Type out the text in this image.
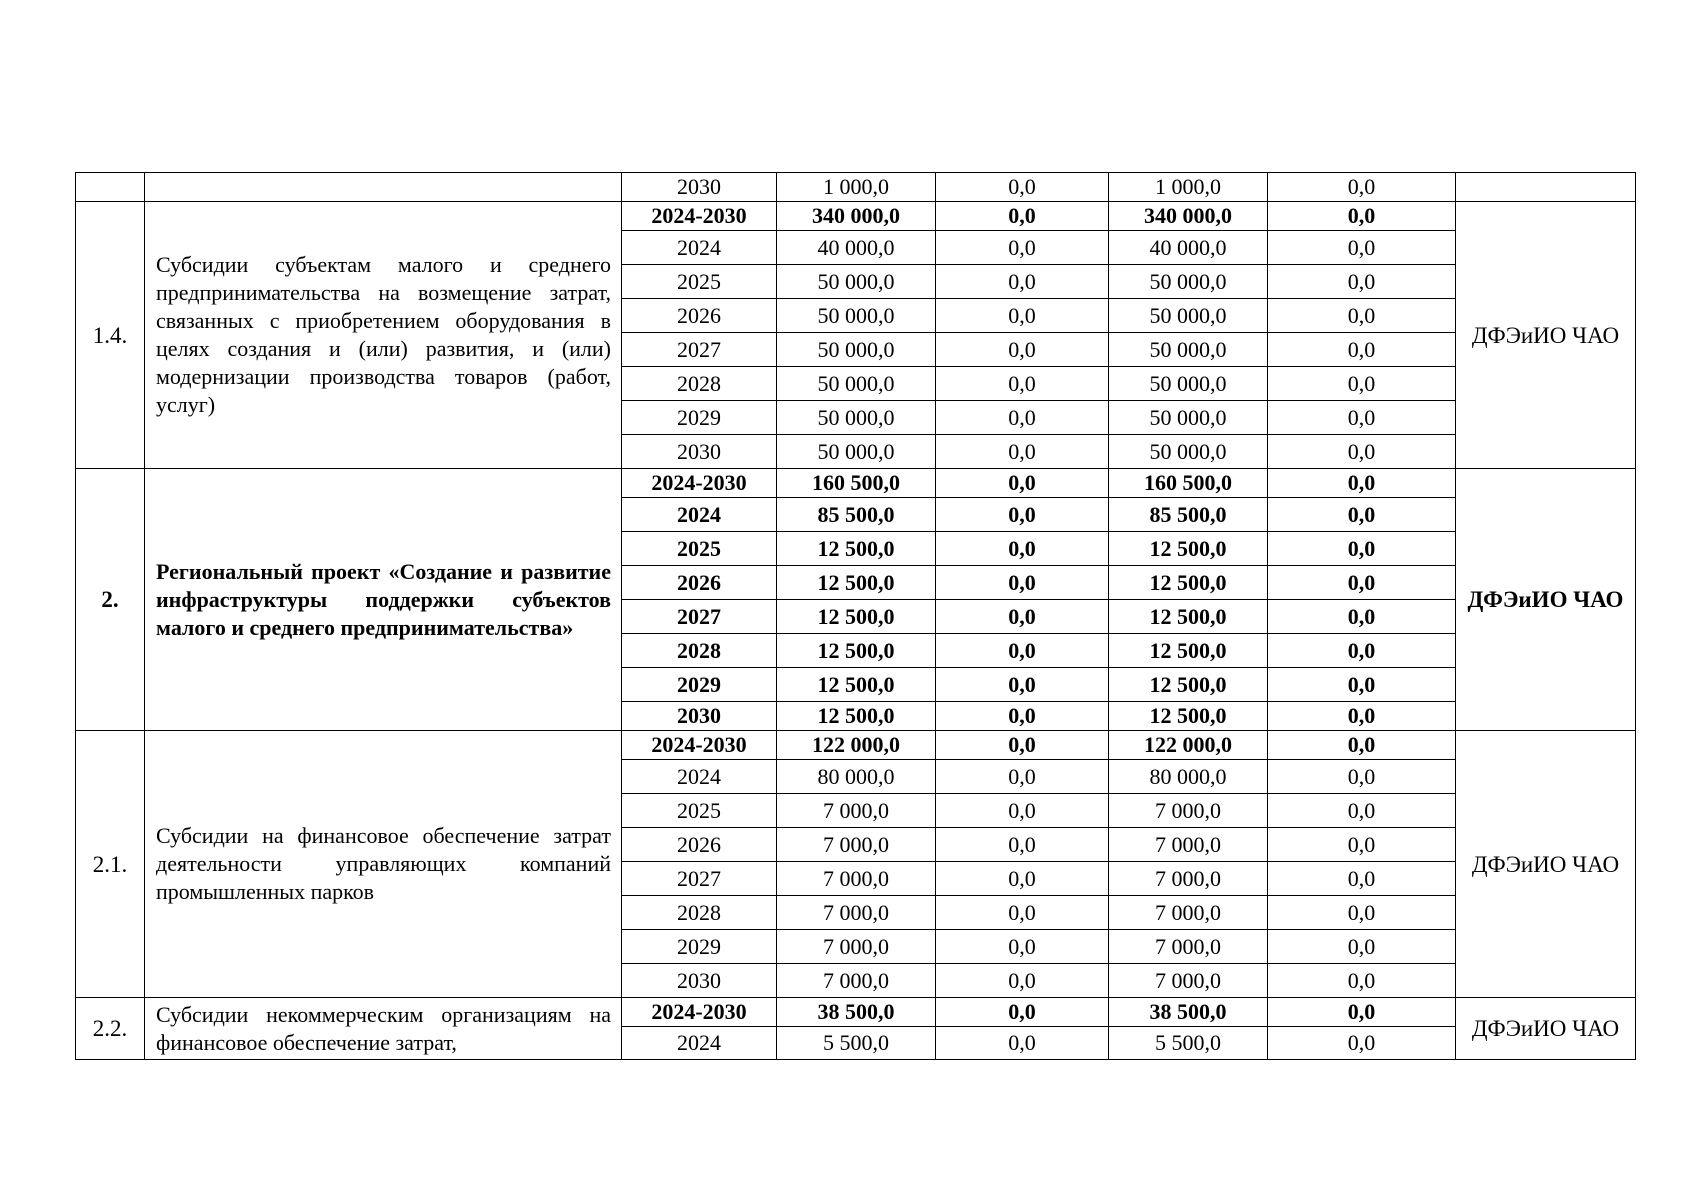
		2030	1 000,0	0,0	1 000,0	0,0	
1.4.	Субсидии субъектам малого и среднего предпринимательства на возмещение затрат, связанных с приобретением оборудования в целях создания и (или) развития, и (или) модернизации производства товаров (работ, услуг)	2024-2030	340 000,0	0,0	340 000,0	0,0	ДФЭиИО ЧАО
		2024	40 000,0	0,0	40 000,0	0,0	
		2025	50 000,0	0,0	50 000,0	0,0	
		2026	50 000,0	0,0	50 000,0	0,0	
		2027	50 000,0	0,0	50 000,0	0,0	
		2028	50 000,0	0,0	50 000,0	0,0	
		2029	50 000,0	0,0	50 000,0	0,0	
		2030	50 000,0	0,0	50 000,0	0,0	
2.	Региональный проект «Создание и развитие инфраструктуры поддержки субъектов малого и среднего предпринимательства»	2024-2030	160 500,0	0,0	160 500,0	0,0	ДФЭиИО ЧАО
		2024	85 500,0	0,0	85 500,0	0,0	
		2025	12 500,0	0,0	12 500,0	0,0	
		2026	12 500,0	0,0	12 500,0	0,0	
		2027	12 500,0	0,0	12 500,0	0,0	
		2028	12 500,0	0,0	12 500,0	0,0	
		2029	12 500,0	0,0	12 500,0	0,0	
		2030	12 500,0	0,0	12 500,0	0,0	
2.1.	Субсидии на финансовое обеспечение затрат деятельности управляющих компаний промышленных парков	2024-2030	122 000,0	0,0	122 000,0	0,0	ДФЭиИО ЧАО
		2024	80 000,0	0,0	80 000,0	0,0	
		2025	7 000,0	0,0	7 000,0	0,0	
		2026	7 000,0	0,0	7 000,0	0,0	
		2027	7 000,0	0,0	7 000,0	0,0	
		2028	7 000,0	0,0	7 000,0	0,0	
		2029	7 000,0	0,0	7 000,0	0,0	
		2030	7 000,0	0,0	7 000,0	0,0	
2.2.	Субсидии некоммерческим организациям на финансовое обеспечение затрат,	2024-2030	38 500,0	0,0	38 500,0	0,0	ДФЭиИО ЧАО
		2024	5 500,0	0,0	5 500,0	0,0	
